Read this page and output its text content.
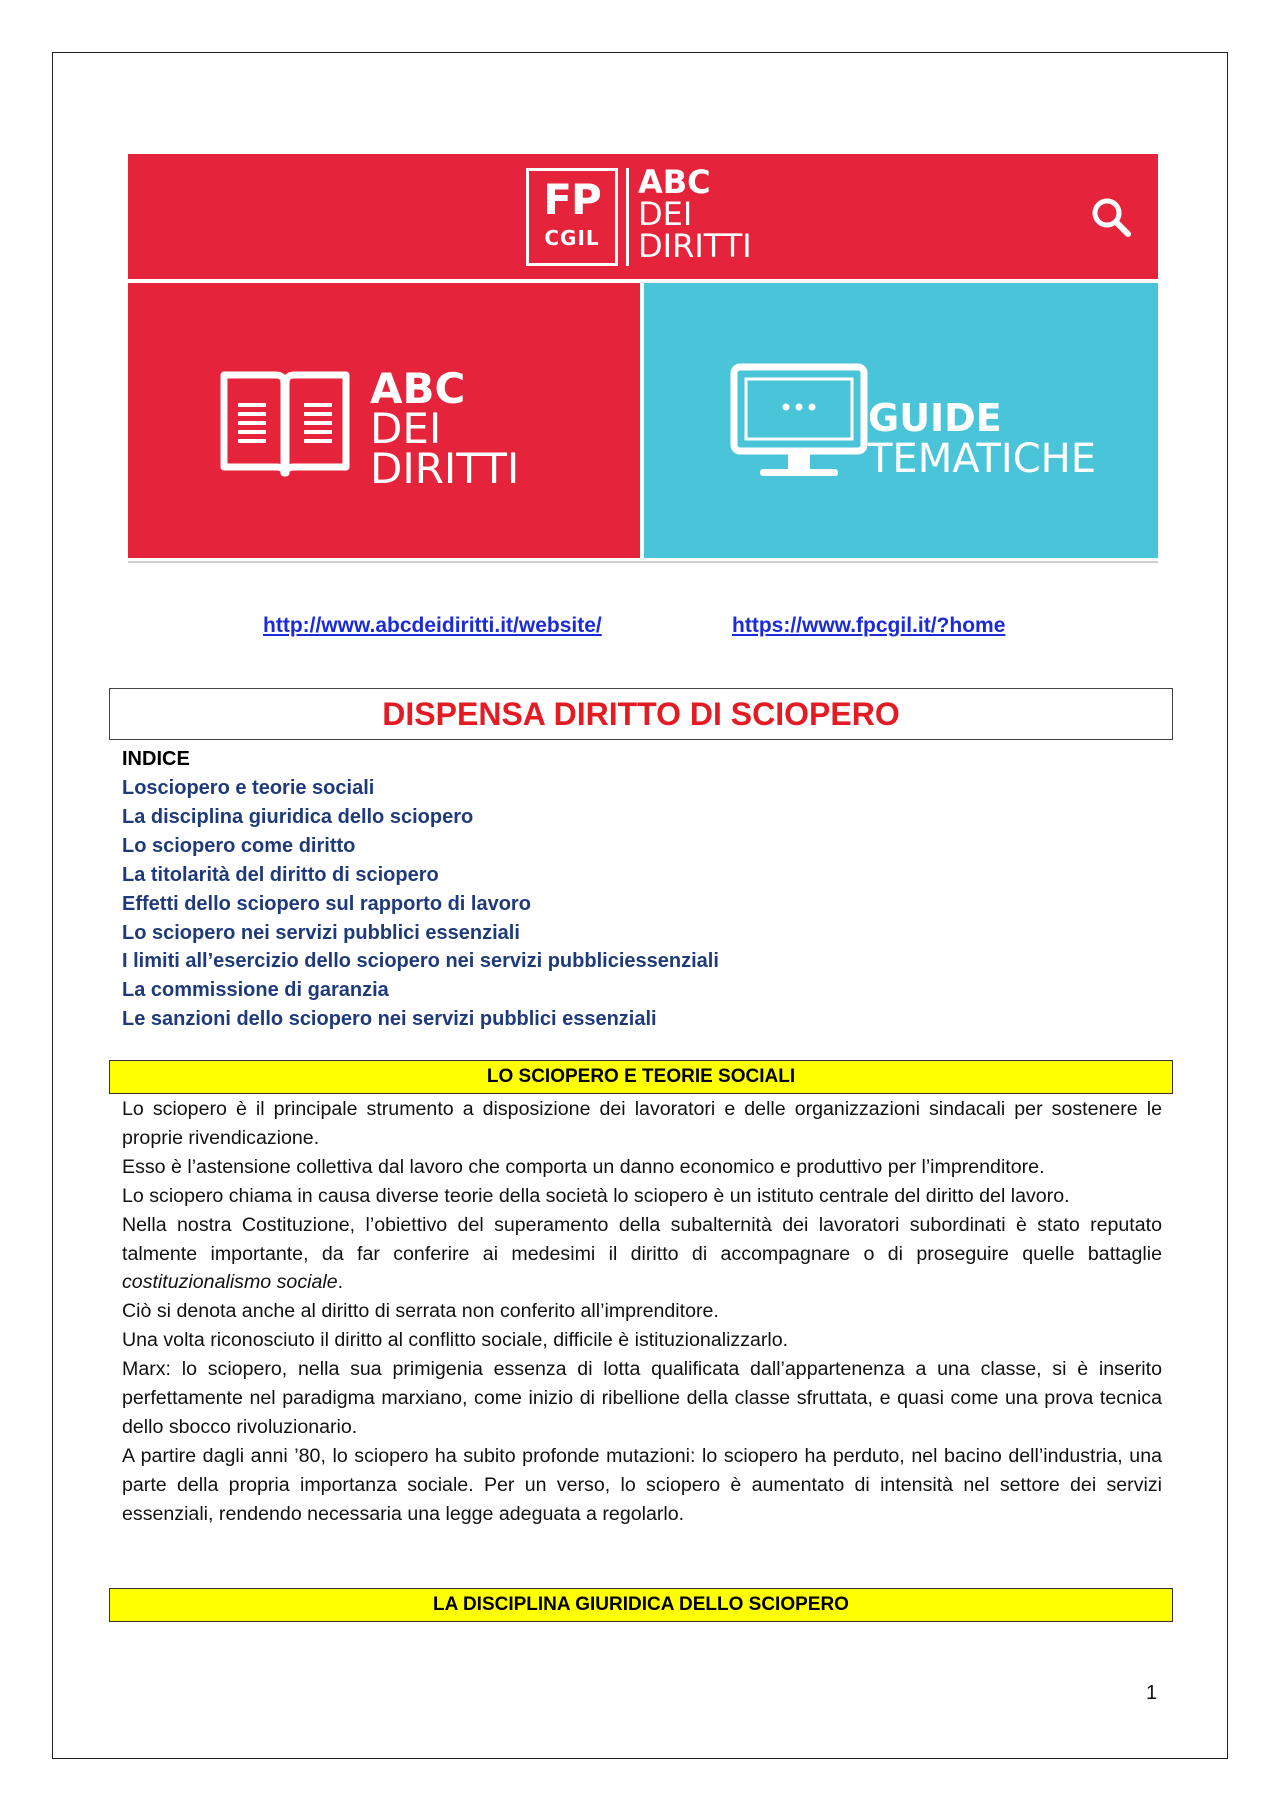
FP
CGIL
ABC
DEI
DIRITTI
ABC
DEI
DIRITTI
GUIDE
TEMATICHE
http://www.abcdeidiritti.it/website/	https://www.fpcgil.it/?home
DISPENSA DIRITTO DI SCIOPERO
INDICE
Losciopero e teorie sociali
La disciplina giuridica dello sciopero
Lo sciopero come diritto
La titolarità del diritto di sciopero
Effetti dello sciopero sul rapporto di lavoro
Lo sciopero nei servizi pubblici essenziali
I limiti all’esercizio dello sciopero nei servizi pubbliciessenziali
La commissione di garanzia
Le sanzioni dello sciopero nei servizi pubblici essenziali
LO SCIOPERO E TEORIE SOCIALI

Lo sciopero è il principale strumento a disposizione dei lavoratori e delle organizzazioni sindacali per sostenere le proprie rivendicazione.

Esso è l’astensione collettiva dal lavoro che comporta un danno economico e produttivo per l’imprenditore.

Lo sciopero chiama in causa diverse teorie della società lo sciopero è un istituto centrale del diritto del lavoro.

Nella nostra Costituzione, l’obiettivo del superamento della subalternità dei lavoratori subordinati è stato reputato talmente importante, da far conferire ai medesimi il diritto di accompagnare o di proseguire quelle battaglie costituzionalismo sociale.

Ciò si denota anche al diritto di serrata non conferito all’imprenditore.

Una volta riconosciuto il diritto al conflitto sociale, difficile è istituzionalizzarlo.

Marx: lo sciopero, nella sua primigenia essenza di lotta qualificata dall’appartenenza a una classe, si è inserito perfettamente nel paradigma marxiano, come inizio di ribellione della classe sfruttata, e quasi come una prova tecnica dello sbocco rivoluzionario.

A partire dagli anni ’80, lo sciopero ha subito profonde mutazioni: lo sciopero ha perduto, nel bacino dell’industria, una parte della propria importanza sociale. Per un verso, lo sciopero è aumentato di intensità nel settore dei servizi essenziali, rendendo necessaria una legge adeguata a regolarlo.

LA DISCIPLINA GIURIDICA DELLO SCIOPERO
1
